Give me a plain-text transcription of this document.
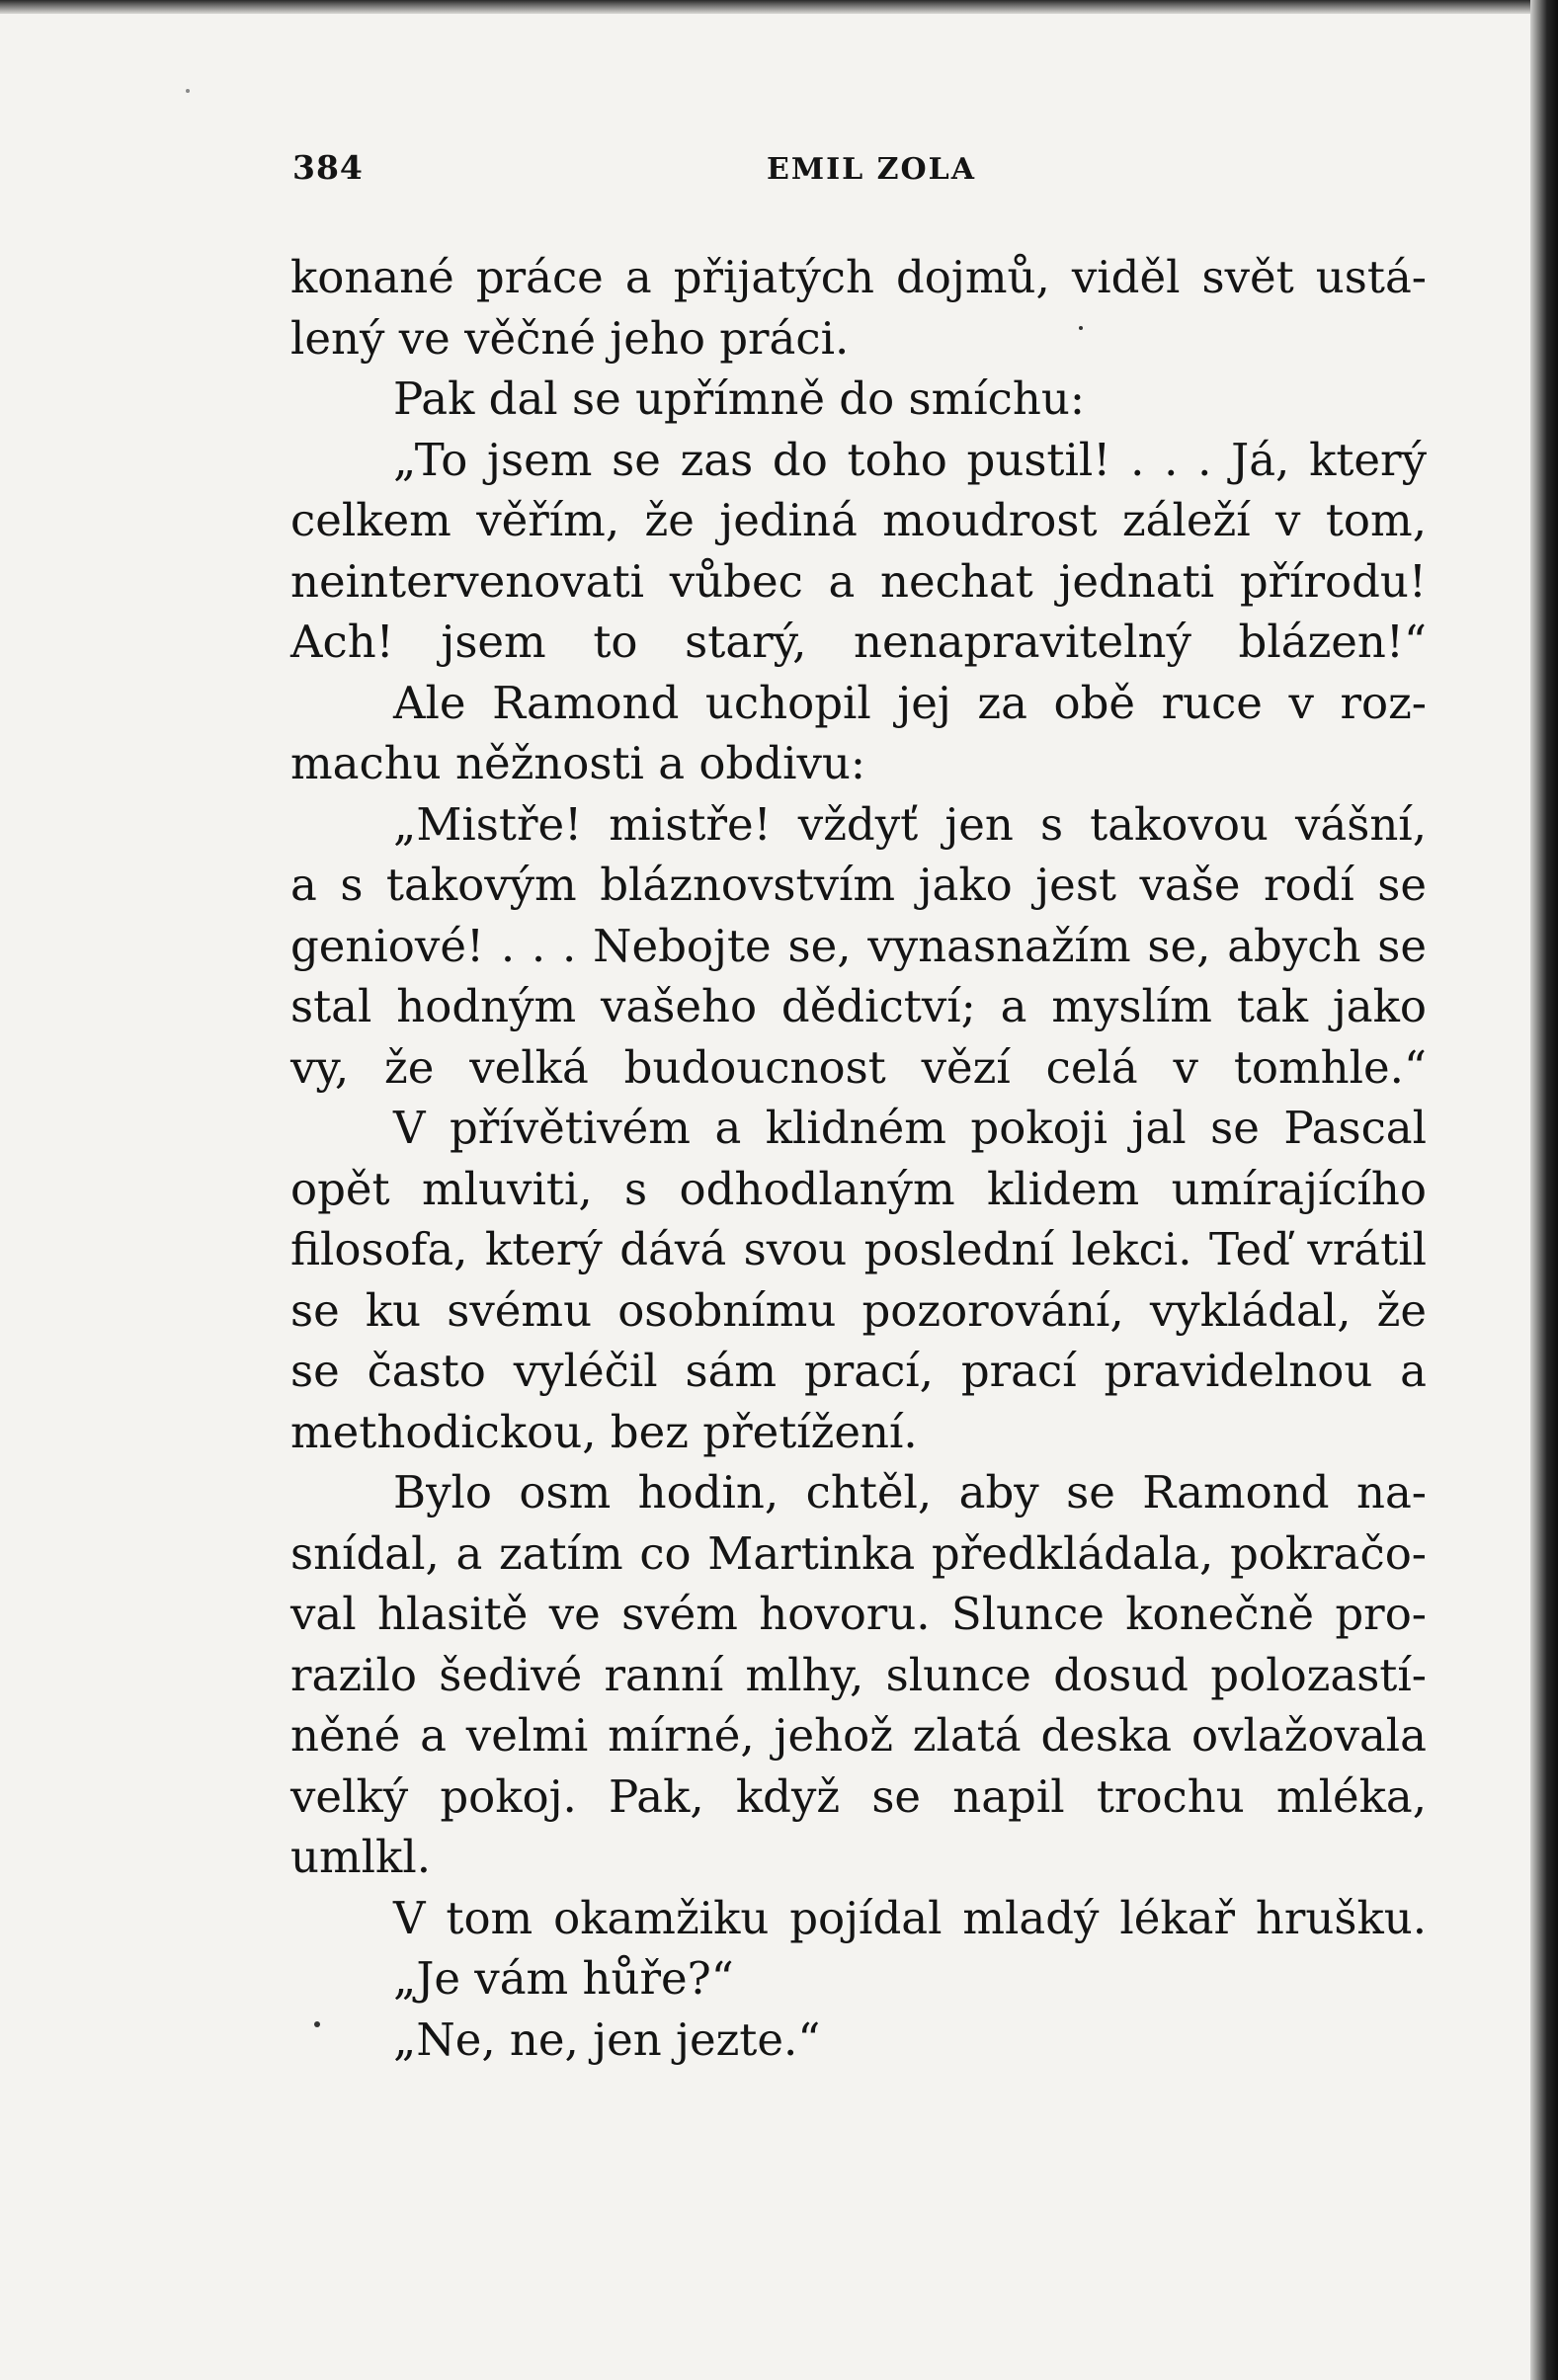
384	EMIL ZOLA
konané práce a přijatých dojmů, viděl svět ustá-
lený ve věčné jeho práci.
Pak dal se upřímně do smíchu:
„To jsem se zas do toho pustil! . . . Já, který
celkem věřím, že jediná moudrost záleží v tom,
neintervenovati vůbec a nechat jednati přírodu!
Ach! jsem to starý, nenapravitelný blázen!“
Ale Ramond uchopil jej za obě ruce v roz-
machu něžnosti a obdivu:
„Mistře! mistře! vždyť jen s takovou vášní,
a s takovým bláznovstvím jako jest vaše rodí se
geniové! . . . Nebojte se, vynasnažím se, abych se
stal hodným vašeho dědictví; a myslím tak jako
vy, že velká budoucnost vězí celá v tomhle.“
V přívětivém a klidném pokoji jal se Pascal
opět mluviti, s odhodlaným klidem umírajícího
filosofa, který dává svou poslední lekci. Teď vrátil
se ku svému osobnímu pozorování, vykládal, že
se často vyléčil sám prací, prací pravidelnou a
methodickou, bez přetížení.
Bylo osm hodin, chtěl, aby se Ramond na-
snídal, a zatím co Martinka předkládala, pokračo-
val hlasitě ve svém hovoru. Slunce konečně pro-
razilo šedivé ranní mlhy, slunce dosud polozastí-
něné a velmi mírné, jehož zlatá deska ovlažovala
velký pokoj. Pak, když se napil trochu mléka,
umlkl.
V tom okamžiku pojídal mladý lékař hrušku.
„Je vám hůře?“
„Ne, ne, jen jezte.“
